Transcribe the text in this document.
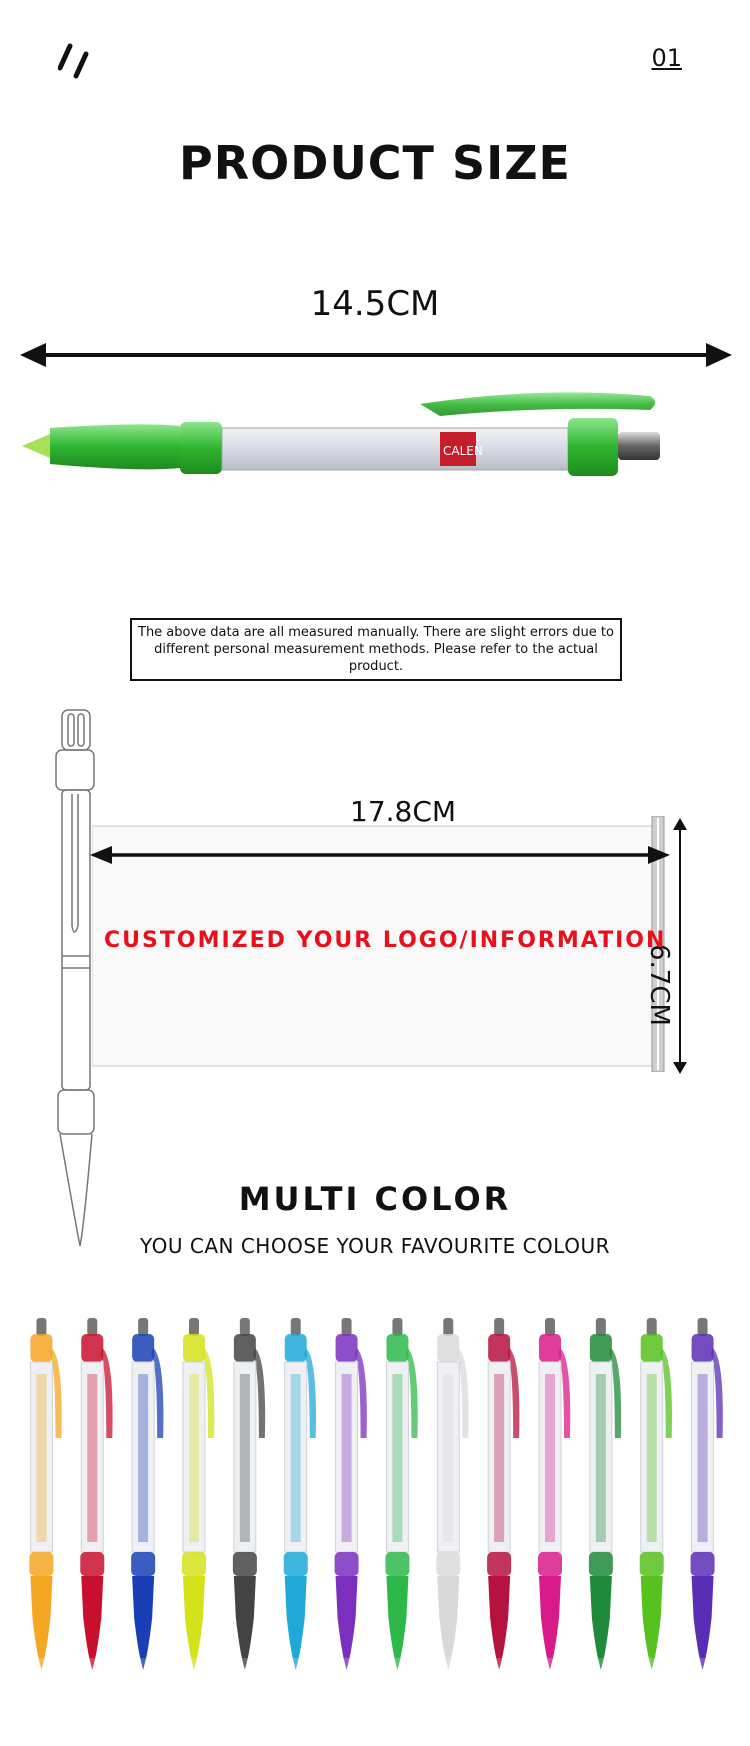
01
PRODUCT SIZE
14.5CM
CALEN
The above data are all measured manually. There are slight errors due to different personal measurement methods. Please refer to the actual product.
17.8CM
6.7CM
CUSTOMIZED YOUR LOGO/INFORMATION
MULTI COLOR
YOU CAN CHOOSE YOUR FAVOURITE COLOUR
